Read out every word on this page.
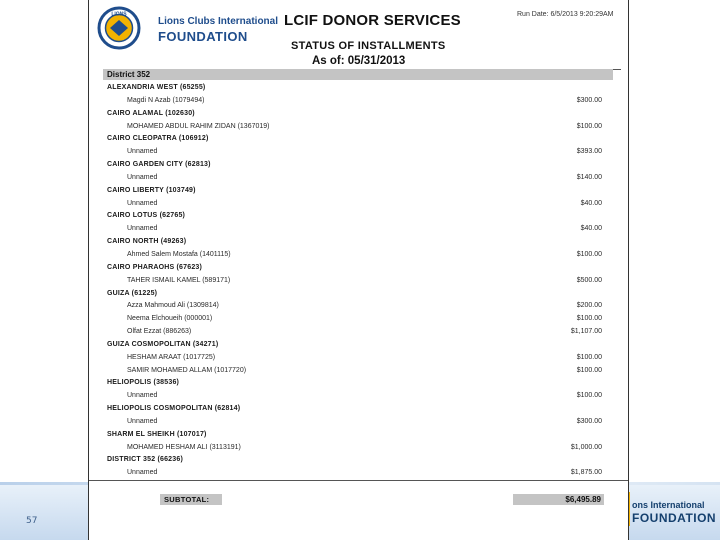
57
ons International
FOUNDATION
LIONS
Lions Clubs International
FOUNDATION
LCIF DONOR SERVICES	Run Date: 6/5/2013 9:20:29AM
STATUS OF INSTALLMENTS
As of: 05/31/2013
District 352
ALEXANDRIA WEST (65255)
Magdi N Azab (1079494)	$300.00
CAIRO ALAMAL (102630)
MOHAMED ABDUL RAHIM ZIDAN (1367019)	$100.00
CAIRO CLEOPATRA (106912)
Unnamed	$393.00
CAIRO GARDEN CITY (62813)
Unnamed	$140.00
CAIRO LIBERTY (103749)
Unnamed	$40.00
CAIRO LOTUS (62765)
Unnamed	$40.00
CAIRO NORTH (49263)
Ahmed Salem Mostafa (1401115)	$100.00
CAIRO PHARAOHS (67623)
TAHER ISMAIL KAMEL (589171)	$500.00
GUIZA (61225)
Azza Mahmoud Ali (1309814)	$200.00
Neema Elchoueih (000001)	$100.00
Olfat Ezzat (886263)	$1,107.00
GUIZA COSMOPOLITAN (34271)
HESHAM ARAAT (1017725)	$100.00
SAMIR MOHAMED ALLAM (1017720)	$100.00
HELIOPOLIS (38536)
Unnamed	$100.00
HELIOPOLIS COSMOPOLITAN (62814)
Unnamed	$300.00
SHARM EL SHEIKH (107017)
MOHAMED HESHAM ALI (3113191)	$1,000.00
DISTRICT 352 (66236)
Unnamed	$1,875.00
SUBTOTAL:	$6,495.89
